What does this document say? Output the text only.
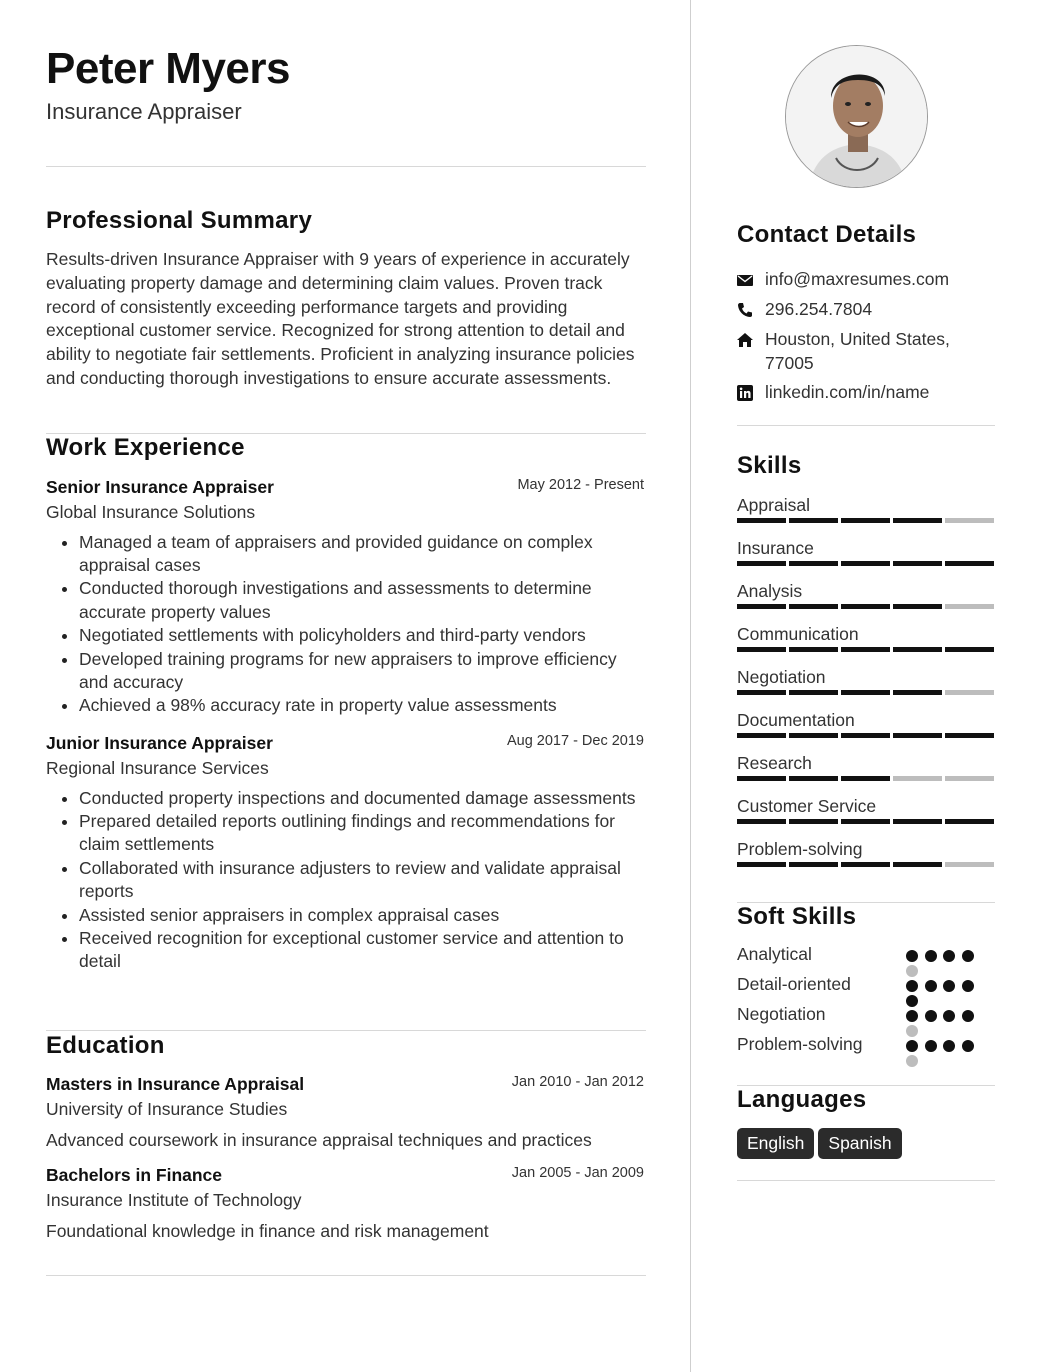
Peter Myers
Insurance Appraiser
Professional Summary
Results-driven Insurance Appraiser with 9 years of experience in accurately evaluating property damage and determining claim values. Proven track record of consistently exceeding performance targets and providing exceptional customer service. Recognized for strong attention to detail and ability to negotiate fair settlements. Proficient in analyzing insurance policies and conducting thorough investigations to ensure accurate assessments.
Work Experience
Senior Insurance Appraiser	May 2012 - Present
Global Insurance Solutions
Managed a team of appraisers and provided guidance on complex appraisal cases
Conducted thorough investigations and assessments to determine accurate property values
Negotiated settlements with policyholders and third-party vendors
Developed training programs for new appraisers to improve efficiency and accuracy
Achieved a 98% accuracy rate in property value assessments
Junior Insurance Appraiser	Aug 2017 - Dec 2019
Regional Insurance Services
Conducted property inspections and documented damage assessments
Prepared detailed reports outlining findings and recommendations for claim settlements
Collaborated with insurance adjusters to review and validate appraisal reports
Assisted senior appraisers in complex appraisal cases
Received recognition for exceptional customer service and attention to detail
Education
Masters in Insurance Appraisal	Jan 2010 - Jan 2012
University of Insurance Studies
Advanced coursework in insurance appraisal techniques and practices
Bachelors in Finance	Jan 2005 - Jan 2009
Insurance Institute of Technology
Foundational knowledge in finance and risk management
Contact Details
info@maxresumes.com
296.254.7804
Houston, United States, 77005
linkedin.com/in/name
Skills
Appraisal
Insurance
Analysis
Communication
Negotiation
Documentation
Research
Customer Service
Problem-solving
Soft Skills
Analytical
Detail-oriented
Negotiation
Problem-solving
Languages
English Spanish
